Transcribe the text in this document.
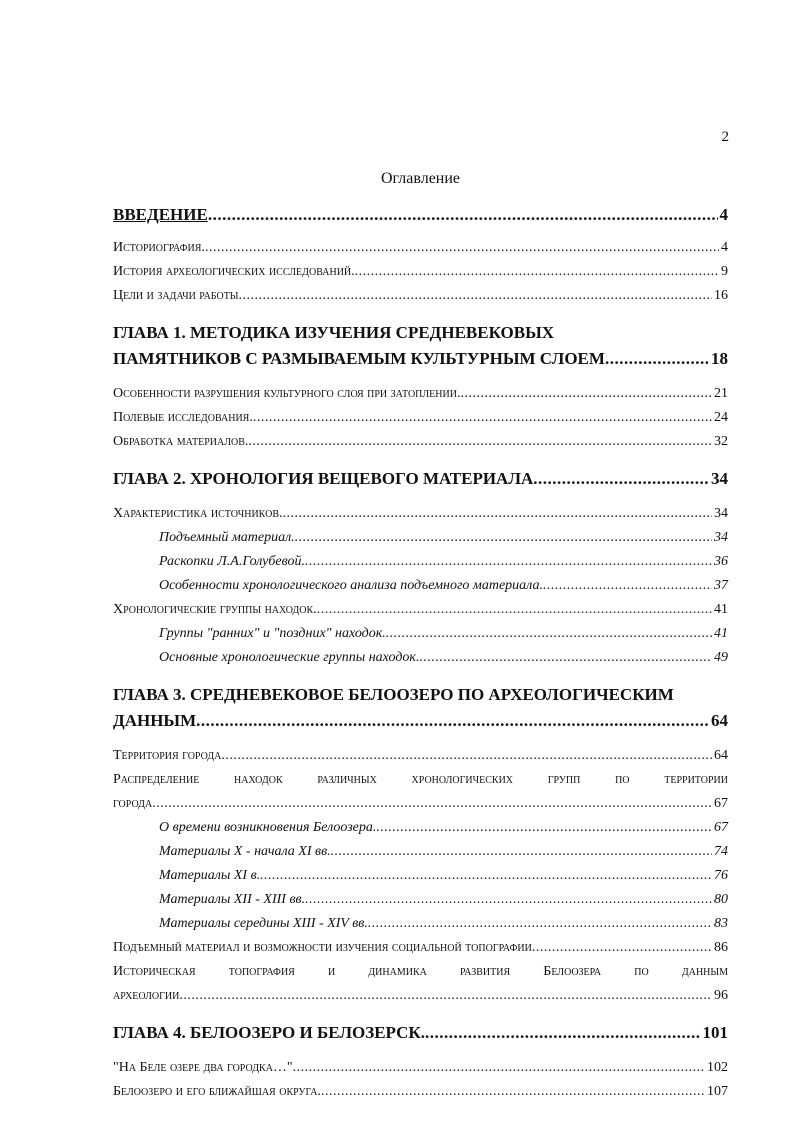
2
Оглавление
ВВЕДЕНИЕ .....	4
Историография. .....	4
История археологических исследований. .....	9
Цели и задачи работы .....	16
ГЛАВА 1. МЕТОДИКА ИЗУЧЕНИЯ СРЕДНЕВЕКОВЫХ
ПАМЯТНИКОВ С РАЗМЫВАЕМЫМ КУЛЬТУРНЫМ СЛОЕМ .....	18
Особенности разрушения культурного слоя при затоплении. .....	21
Полевые исследования. .....	24
Обработка материалов. .....	32
ГЛАВА 2. ХРОНОЛОГИЯ ВЕЩЕВОГО МАТЕРИАЛА .....	34
Характеристика источников. .....	34
Подъемный материал. .....	34
Раскопки Л.А.Голубевой. .....	36
Особенности хронологического анализа подъемного материала. .....	37
Хронологические группы находок. .....	41
Группы "ранних" и "поздних" находок. .....	41
Основные хронологические группы находок. .....	49
ГЛАВА 3. СРЕДНЕВЕКОВОЕ БЕЛООЗЕРО ПО АРХЕОЛОГИЧЕСКИМ
ДАННЫМ .....	64
Территория города .....	64
Распределение находок различных хронологических групп по территории
города .....	67
О времени возникновения Белоозера. .....	67
Материалы X - начала XI вв. .....	74
Материалы XI в. .....	76
Материалы XII - XIII вв. .....	80
Материалы середины XIII - XIV вв. .....	83
Подъемный материал и возможности изучения социальной топографии .....	86
Историческая топография и динамика развития Белоозера по данным
археологии .....	96
ГЛАВА 4. БЕЛООЗЕРО И БЕЛОЗЕРСК. .....	101
"На Беле озере два городка…" .....	102
Белоозеро и его ближайшая округа. .....	107
